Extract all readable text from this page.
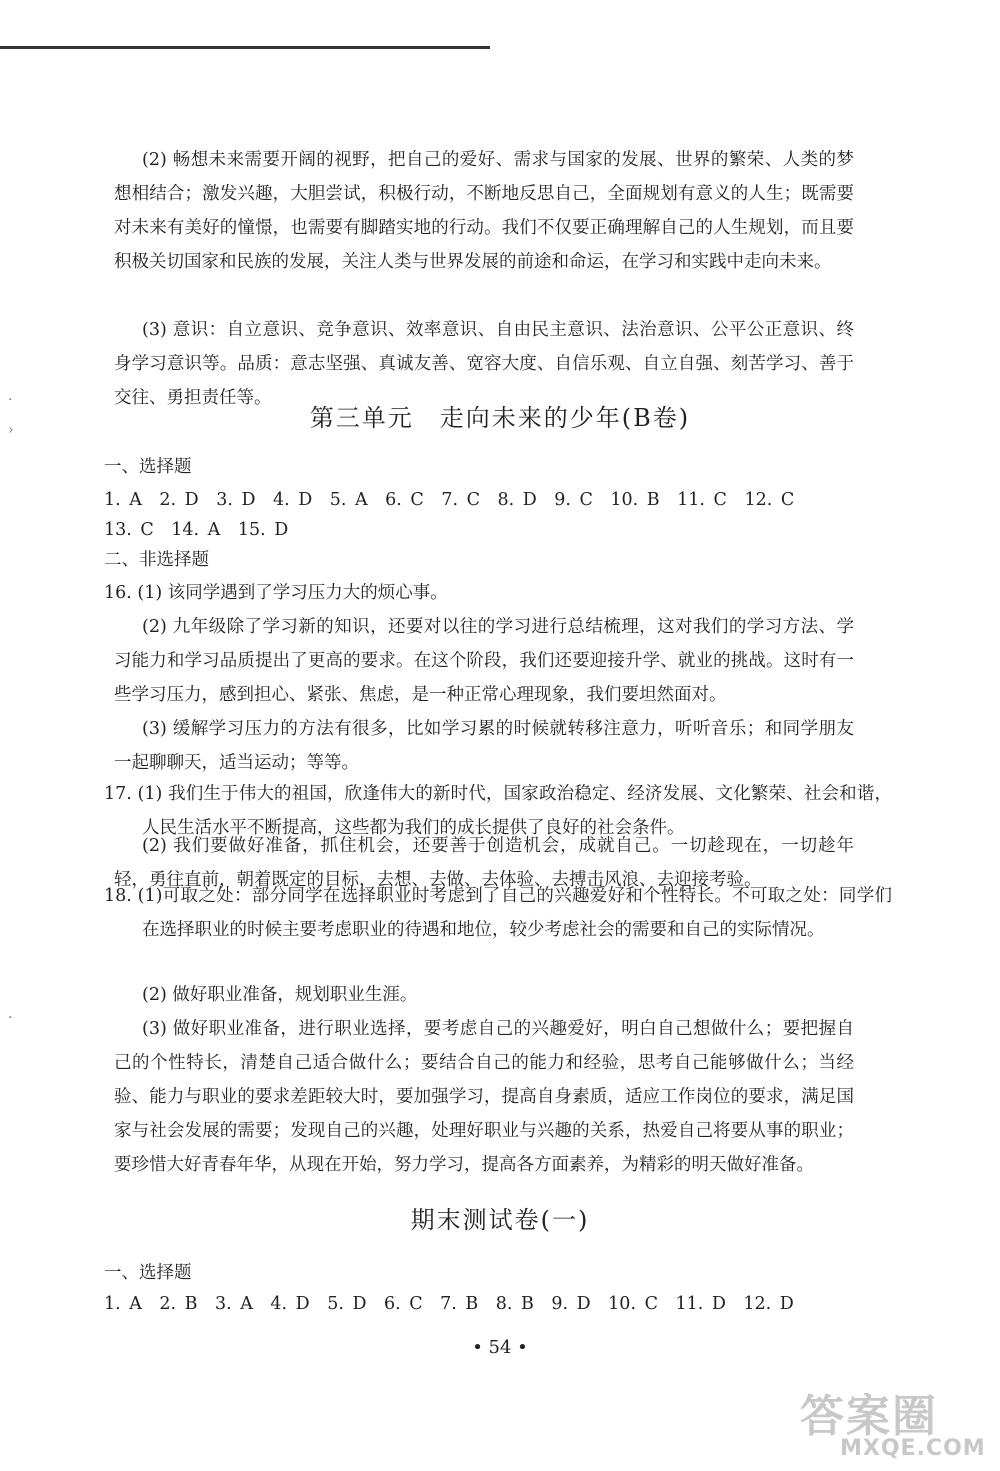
·
›
·

(2) 畅想未来需要开阔的视野，把自己的爱好、需求与国家的发展、世界的繁荣、人类的梦想相结合；激发兴趣，大胆尝试，积极行动，不断地反思自己，全面规划有意义的人生；既需要对未来有美好的憧憬，也需要有脚踏实地的行动。我们不仅要正确理解自己的人生规划，而且要积极关切国家和民族的发展，关注人类与世界发展的前途和命运，在学习和实践中走向未来。

(3) 意识：自立意识、竞争意识、效率意识、自由民主意识、法治意识、公平公正意识、终身学习意识等。品质：意志坚强、真诚友善、宽容大度、自信乐观、自立自强、刻苦学习、善于交往、勇担责任等。

第三单元　走向未来的少年(B卷)

一、选择题

1. A　2. D　3. D　4. D　5. A　6. C　7. C　8. D　9. C　10. B　11. C　12. C

13. C　14. A　15. D

二、非选择题

16. (1) 该同学遇到了学习压力大的烦心事。

(2) 九年级除了学习新的知识，还要对以往的学习进行总结梳理，这对我们的学习方法、学习能力和学习品质提出了更高的要求。在这个阶段，我们还要迎接升学、就业的挑战。这时有一些学习压力，感到担心、紧张、焦虑，是一种正常心理现象，我们要坦然面对。

(3) 缓解学习压力的方法有很多，比如学习累的时候就转移注意力，听听音乐；和同学朋友一起聊聊天，适当运动；等等。

17. (1) 我们生于伟大的祖国，欣逢伟大的新时代，国家政治稳定、经济发展、文化繁荣、社会和谐，人民生活水平不断提高，这些都为我们的成长提供了良好的社会条件。

(2) 我们要做好准备，抓住机会，还要善于创造机会，成就自己。一切趁现在，一切趁年轻，勇往直前，朝着既定的目标，去想、去做、去体验、去搏击风浪、去迎接考验。

18. (1)可取之处：部分同学在选择职业时考虑到了自己的兴趣爱好和个性特长。不可取之处：同学们在选择职业的时候主要考虑职业的待遇和地位，较少考虑社会的需要和自己的实际情况。

(2) 做好职业准备，规划职业生涯。

(3) 做好职业准备，进行职业选择，要考虑自己的兴趣爱好，明白自己想做什么；要把握自己的个性特长，清楚自己适合做什么；要结合自己的能力和经验，思考自己能够做什么；当经验、能力与职业的要求差距较大时，要加强学习，提高自身素质，适应工作岗位的要求，满足国家与社会发展的需要；发现自己的兴趣，处理好职业与兴趣的关系，热爱自己将要从事的职业；要珍惜大好青春年华，从现在开始，努力学习，提高各方面素养，为精彩的明天做好准备。

期末测试卷(一)

一、选择题

1. A　2. B　3. A　4. D　5. D　6. C　7. B　8. B　9. D　10. C　11. D　12. D

• 54 •
答案圈
MXQE.COM
